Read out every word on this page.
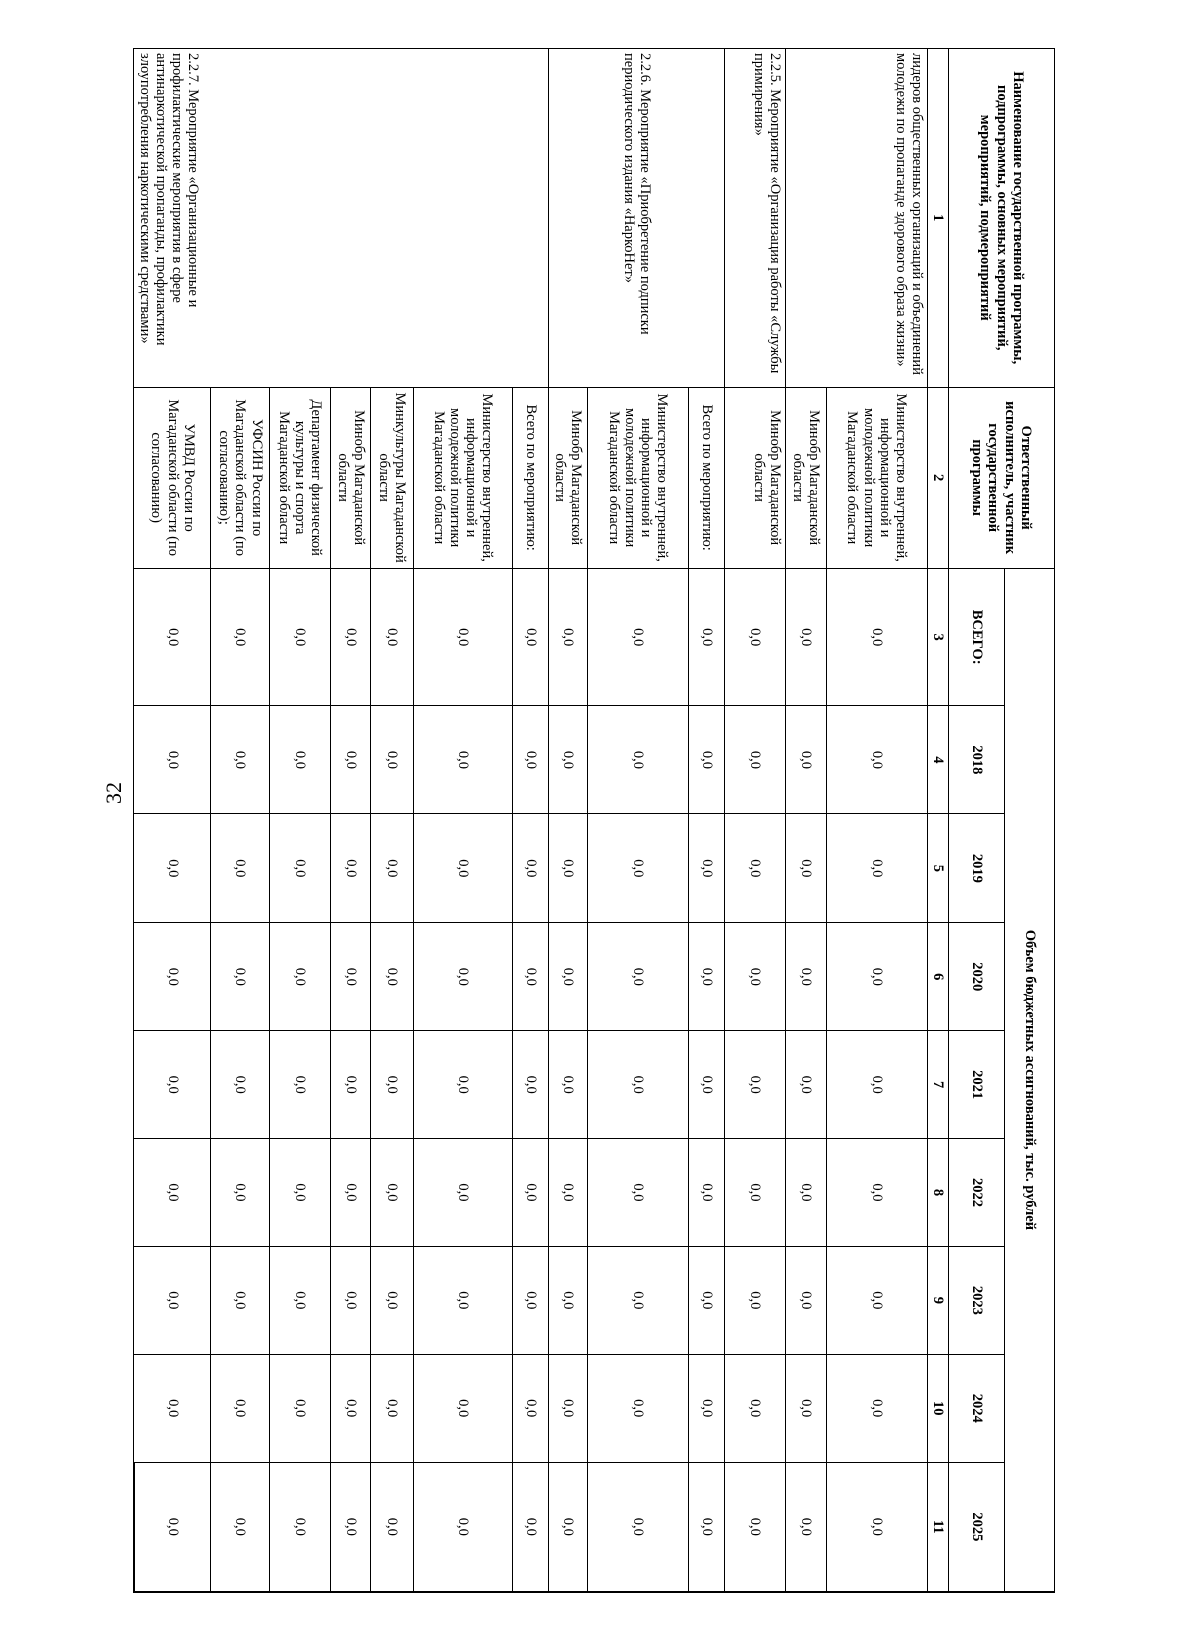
32
Наименование государственной программы, подпрограммы, основных мероприятий, мероприятий, подмероприятий	Ответственный исполнитель, участник государственной программы	Объем бюджетных ассигнований, тыс. рублей								
		ВСЕГО:	2018	2019	2020	2021	2022	2023	2024	2025
1	2	3	4	5	6	7	8	9	10	11
лидеров общественных организаций и объединений молодежи по пропаганде здорового образа жизни»	Министерство внутренней, информационной и молодежной политики Магаданской области	0,0	0,0	0,0	0,0	0,0	0,0	0,0	0,0	0,0
	Минобр Магаданской области	0,0	0,0	0,0	0,0	0,0	0,0	0,0	0,0	0,0
2.2.5. Мероприятие «Организация работы «Службы примирения»	Минобр Магаданской области	0,0	0,0	0,0	0,0	0,0	0,0	0,0	0,0	0,0
2.2.6. Мероприятие «Приобретение подписки периодического издания «НаркоНет»	Всего по мероприятию:	0,0	0,0	0,0	0,0	0,0	0,0	0,0	0,0	0,0
	Министерство внутренней, информационной и молодежной политики Магаданской области	0,0	0,0	0,0	0,0	0,0	0,0	0,0	0,0	0,0
	Минобр Магаданской области	0,0	0,0	0,0	0,0	0,0	0,0	0,0	0,0	0,0
2.2.7. Мероприятие «Организационные и профилактические мероприятия в сфере антинаркотической пропаганды, профилактики злоупотребления наркотическими средствами»	Всего по мероприятию:	0,0	0,0	0,0	0,0	0,0	0,0	0,0	0,0	0,0
	Министерство внутренней, информационной и молодежной политики Магаданской области	0,0	0,0	0,0	0,0	0,0	0,0	0,0	0,0	0,0
	Минкультуры Магаданской области	0,0	0,0	0,0	0,0	0,0	0,0	0,0	0,0	0,0
	Минобр Магаданской области	0,0	0,0	0,0	0,0	0,0	0,0	0,0	0,0	0,0
	Департамент физической культуры и спорта Магаданской области	0,0	0,0	0,0	0,0	0,0	0,0	0,0	0,0	0,0
	УФСИН России по Магаданской области (по согласованию);	0,0	0,0	0,0	0,0	0,0	0,0	0,0	0,0	0,0
	УМВД России по Магаданской области (по согласованию)	0,0	0,0	0,0	0,0	0,0	0,0	0,0	0,0	0,0
